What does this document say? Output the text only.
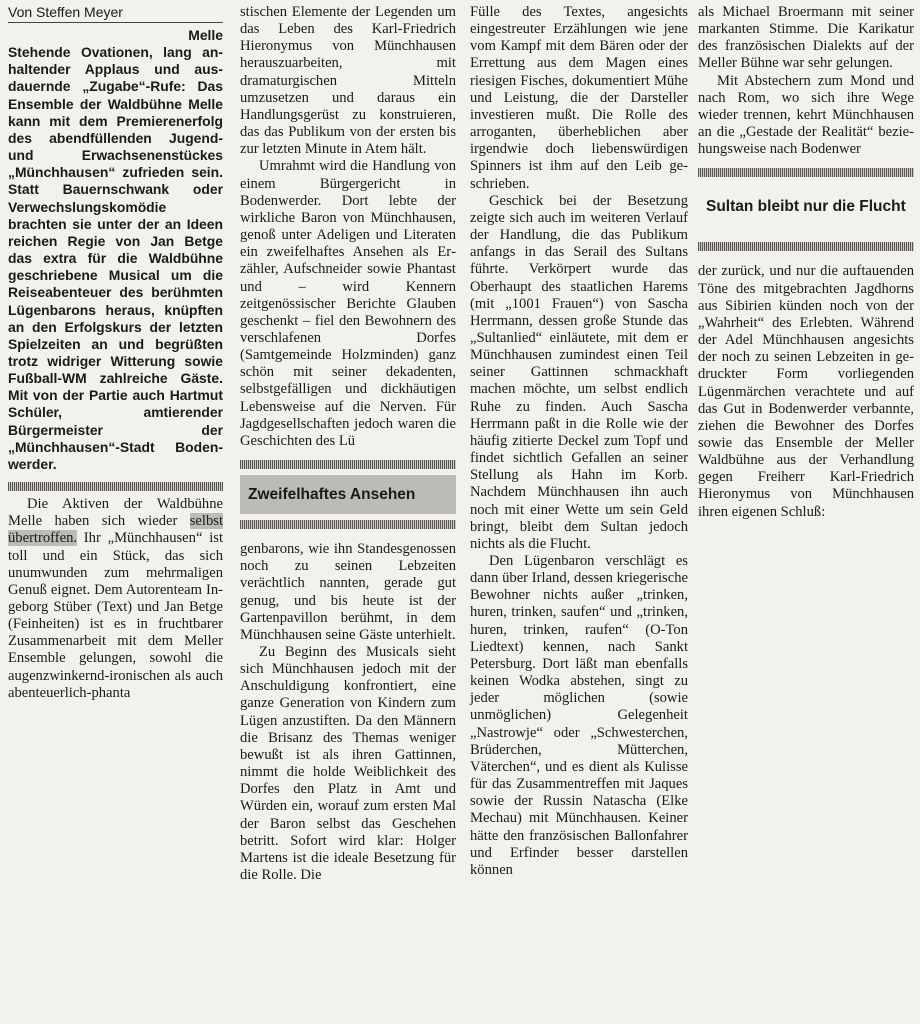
Von Steffen Meyer
Melle
Stehende Ovationen, lang anhaltender Applaus und ausdauernde „Zugabe“-Rufe: Das Ensemble der Waldbühne Melle kann mit dem Premierenerfolg des abendfüllenden Jugend- und Erwachsenenstückes „Münchhausen“ zufrieden sein. Statt Bauernschwank oder Verwechslungskomödie brachten sie unter der an Ideen reichen Regie von Jan Betge das extra für die Waldbühne geschriebene Musical um die Reiseabenteuer des berühmten Lügenbarons heraus, knüpften an den Erfolgskurs der letzten Spielzeiten an und begrüßten trotz widriger Witterung sowie Fußball-WM zahlreiche Gäste. Mit von der Partie auch Hartmut Schüler, amtierender Bürgermeister der „Münchhausen“-Stadt Bodenwerder.

Die Aktiven der Waldbühne Melle haben sich wieder selbst übertroffen. Ihr „Münchhausen“ ist toll und ein Stück, das sich unumwunden zum mehrmaligen Genuß eignet. Dem Autorenteam Ingeborg Stüber (Text) und Jan Betge (Feinheiten) ist es in fruchtbarer Zusammenarbeit mit dem Meller Ensemble gelungen, sowohl die augenzwinkernd-ironischen als auch abenteuerlich-phanta

stischen Elemente der Legenden um das Leben des Karl-Friedrich Hieronymus von Münchhausen herauszuarbeiten, mit dramaturgischen Mitteln umzusetzen und daraus ein Handlungsgerüst zu konstruieren, das das Publikum von der ersten bis zur letzten Minute in Atem hält.

Umrahmt wird die Handlung von einem Bürgergericht in Bodenwerder. Dort lebte der wirkliche Baron von Münchhausen, genoß unter Adeligen und Literaten ein zweifelhaftes Ansehen als Erzähler, Aufschneider sowie Phantast und – wird Kennern zeitgenössischer Berichte Glauben geschenkt – fiel den Bewohnern des verschlafenen Dorfes (Samtgemeinde Holzminden) ganz schön mit seiner dekadenten, selbstgefälligen und dickhäutigen Lebensweise auf die Nerven. Für Jagdgesellschaften jedoch waren die Geschichten des Lü

Zweifelhaftes Ansehen

genbarons, wie ihn Standesgenossen noch zu seinen Lebzeiten verächtlich nannten, gerade gut genug, und bis heute ist der Gartenpavillon berühmt, in dem Münchhausen seine Gäste unterhielt.

Zu Beginn des Musicals sieht sich Münchhausen jedoch mit der Anschuldigung konfrontiert, eine ganze Generation von Kindern zum Lügen anzustiften. Da den Männern die Brisanz des Themas weniger bewußt ist als ihren Gattinnen, nimmt die holde Weiblichkeit des Dorfes den Platz in Amt und Würden ein, worauf zum ersten Mal der Baron selbst das Geschehen betritt. Sofort wird klar: Holger Martens ist die ideale Besetzung für die Rolle. Die

Fülle des Textes, angesichts eingestreuter Erzählungen wie jene vom Kampf mit dem Bären oder der Errettung aus dem Magen eines riesigen Fisches, dokumentiert Mühe und Leistung, die der Darsteller investieren mußt. Die Rolle des arroganten, überheblichen aber irgendwie doch liebenswürdigen Spinners ist ihm auf den Leib geschrieben.

Geschick bei der Besetzung zeigte sich auch im weiteren Verlauf der Handlung, die das Publikum anfangs in das Serail des Sultans führte. Verkörpert wurde das Oberhaupt des staatlichen Harems (mit „1001 Frauen“) von Sascha Herrmann, dessen große Stunde das „Sultanlied“ einläutete, mit dem er Münchhausen zumindest einen Teil seiner Gattinnen schmackhaft machen möchte, um selbst endlich Ruhe zu finden. Auch Sascha Herrmann paßt in die Rolle wie der häufig zitierte Deckel zum Topf und findet sichtlich Gefallen an seiner Stellung als Hahn im Korb. Nachdem Münchhausen ihn auch noch mit einer Wette um sein Geld bringt, bleibt dem Sultan jedoch nichts als die Flucht.

Den Lügenbaron verschlägt es dann über Irland, dessen kriegerische Bewohner nichts außer „trinken, huren, trinken, saufen“ und „trinken, huren, trinken, raufen“ (O-Ton Liedtext) kennen, nach Sankt Petersburg. Dort läßt man ebenfalls keinen Wodka abstehen, singt zu jeder möglichen (sowie unmöglichen) Gelegenheit „Nastrowje“ oder „Schwesterchen, Brüderchen, Mütterchen, Väterchen“, und es dient als Kulisse für das Zusammentreffen mit Jaques sowie der Russin Natascha (Elke Mechau) mit Münchhausen. Keiner hätte den französischen Ballonfahrer und Erfinder besser darstellen können

als Michael Broermann mit seiner markanten Stimme. Die Karikatur des französischen Dialekts auf der Meller Bühne war sehr gelungen.

Mit Abstechern zum Mond und nach Rom, wo sich ihre Wege wieder trennen, kehrt Münchhausen an die „Gestade der Realität“ beziehungsweise nach Bodenwer

Sultan bleibt nur die Flucht

der zurück, und nur die auftauenden Töne des mitgebrachten Jagdhorns aus Sibirien künden noch von der „Wahrheit“ des Erlebten. Während der Adel Münchhausen angesichts der noch zu seinen Lebzeiten in gedruckter Form vorliegenden Lügenmärchen verachtete und auf das Gut in Bodenwerder verbannte, ziehen die Bewohner des Dorfes sowie das Ensemble der Meller Waldbühne aus der Verhandlung gegen Freiherr Karl-Friedrich Hieronymus von Münchhausen ihren eigenen Schluß:
